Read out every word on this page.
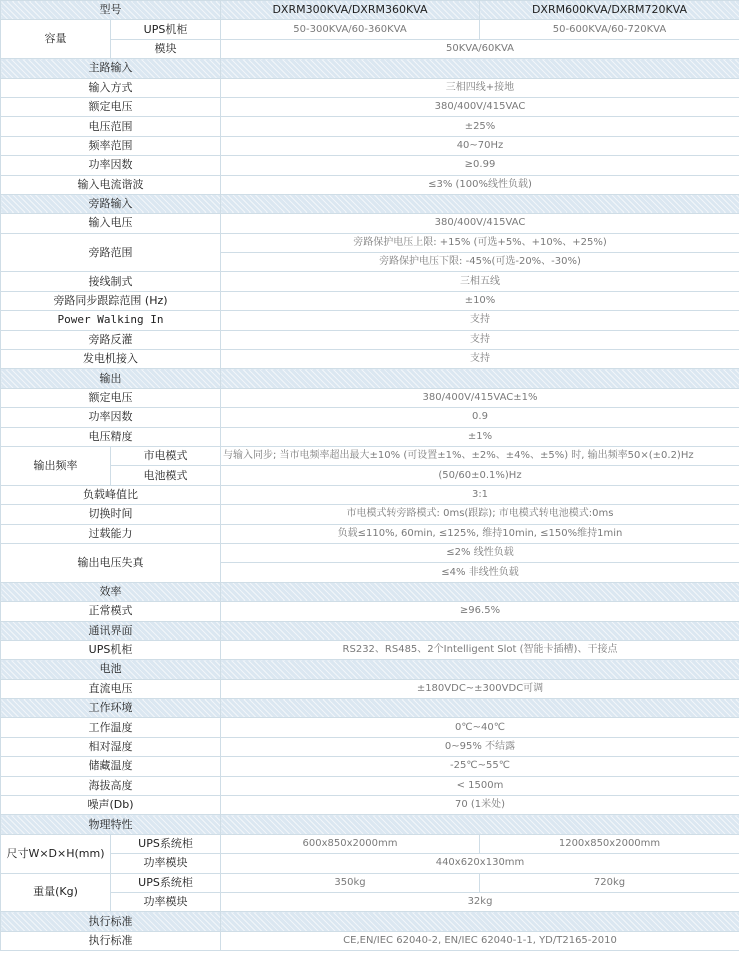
型号		DXRM300KVA/DXRM360KVA	DXRM600KVA/DXRM720KVA
容量	UPS机柜	50-300KVA/60-360KVA	50-600KVA/60-720KVA
	模块	50KVA/60KVA	
主路输入			
输入方式		三相四线+接地	
额定电压		380/400V/415VAC	
电压范围		±25%	
频率范围		40~70Hz	
功率因数		≥0.99	
输入电流谐波		≤3% (100%线性负载)	
旁路输入			
输入电压		380/400V/415VAC	
旁路范围		旁路保护电压上限: +15% (可选+5%、+10%、+25%)	
		旁路保护电压下限: -45%(可选-20%、-30%)	
接线制式		三相五线	
旁路同步跟踪范围 (Hz)		±10%	
Power Walking In		支持	
旁路反灌		支持	
发电机接入		支持	
输出			
额定电压		380/400V/415VAC±1%	
功率因数		0.9	
电压精度		±1%	
输出频率	市电模式	与输入同步; 当市电频率超出最大±10% (可设置±1%、±2%、±4%、±5%) 时, 输出频率50×(±0.2)Hz	
	电池模式	(50/60±0.1%)Hz	
负载峰值比		3:1	
切换时间		市电模式转旁路模式: 0ms(跟踪); 市电模式转电池模式:0ms	
过载能力		负载≤110%, 60min, ≤125%, 维持10min, ≤150%维持1min	
输出电压失真		≤2% 线性负载	
		≤4% 非线性负载	
效率			
正常模式		≥96.5%	
通讯界面			
UPS机柜		RS232、RS485、2个Intelligent Slot (智能卡插槽)、干接点	
电池			
直流电压		±180VDC~±300VDC可调	
工作环境			
工作温度		0℃~40℃	
相对湿度		0~95% 不结露	
储藏温度		-25℃~55℃	
海拔高度		< 1500m	
噪声(Db)		70 (1米处)	
物理特性			
尺寸W×D×H(mm)	UPS系统柜	600x850x2000mm	1200x850x2000mm
	功率模块	440x620x130mm	
重量(Kg)	UPS系统柜	350kg	720kg
	功率模块	32kg	
执行标准			
执行标准		CE,EN/IEC 62040-2, EN/IEC 62040-1-1, YD/T2165-2010	
